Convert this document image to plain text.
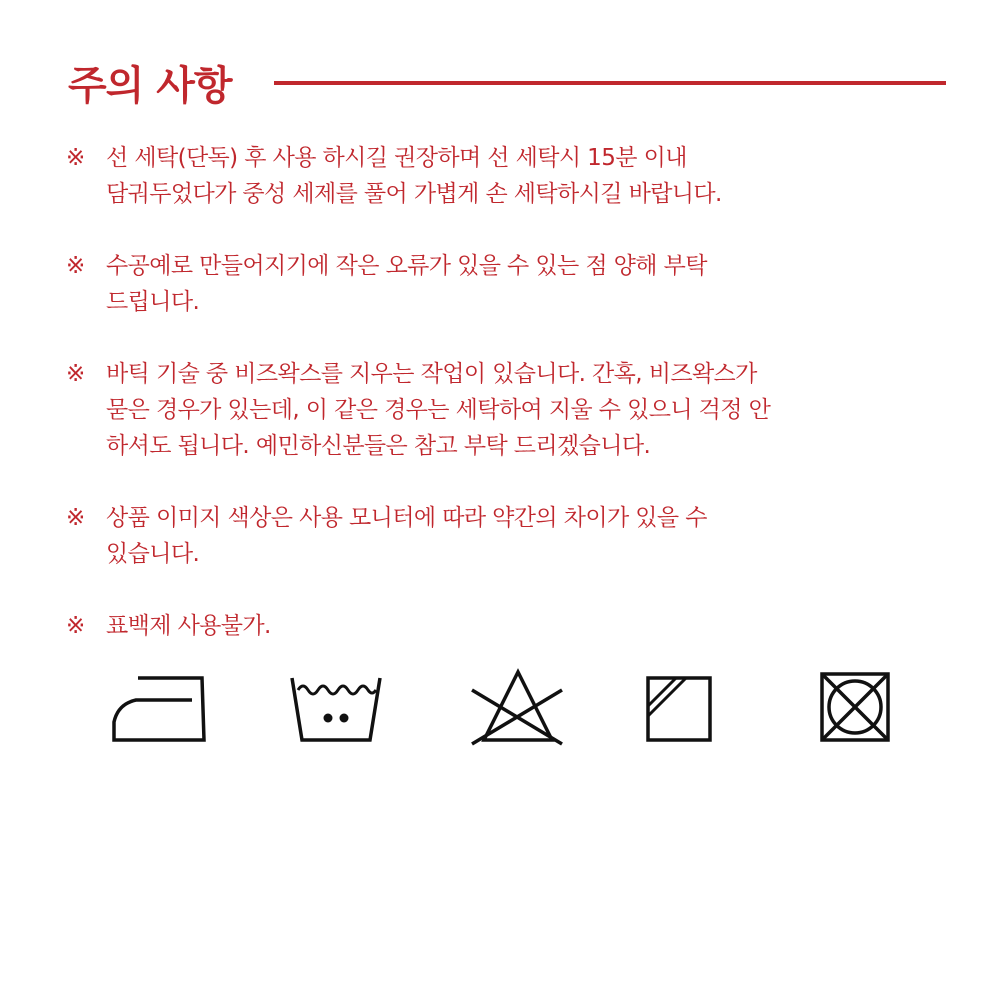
주의 사항
※ 선 세탁(단독) 후 사용 하시길 권장하며 선 세탁시 15분 이내
담궈두었다가 중성 세제를 풀어 가볍게 손 세탁하시길 바랍니다.
※ 수공예로 만들어지기에 작은 오류가 있을 수 있는 점 양해 부탁
드립니다.
※ 바틱 기술 중 비즈왁스를 지우는 작업이 있습니다. 간혹, 비즈왁스가
묻은 경우가 있는데, 이 같은 경우는 세탁하여 지울 수 있으니 걱정 안
하셔도 됩니다. 예민하신분들은 참고 부탁 드리겠습니다.
※ 상품 이미지 색상은 사용 모니터에 따라 약간의 차이가 있을 수
있습니다.
※ 표백제 사용불가.
